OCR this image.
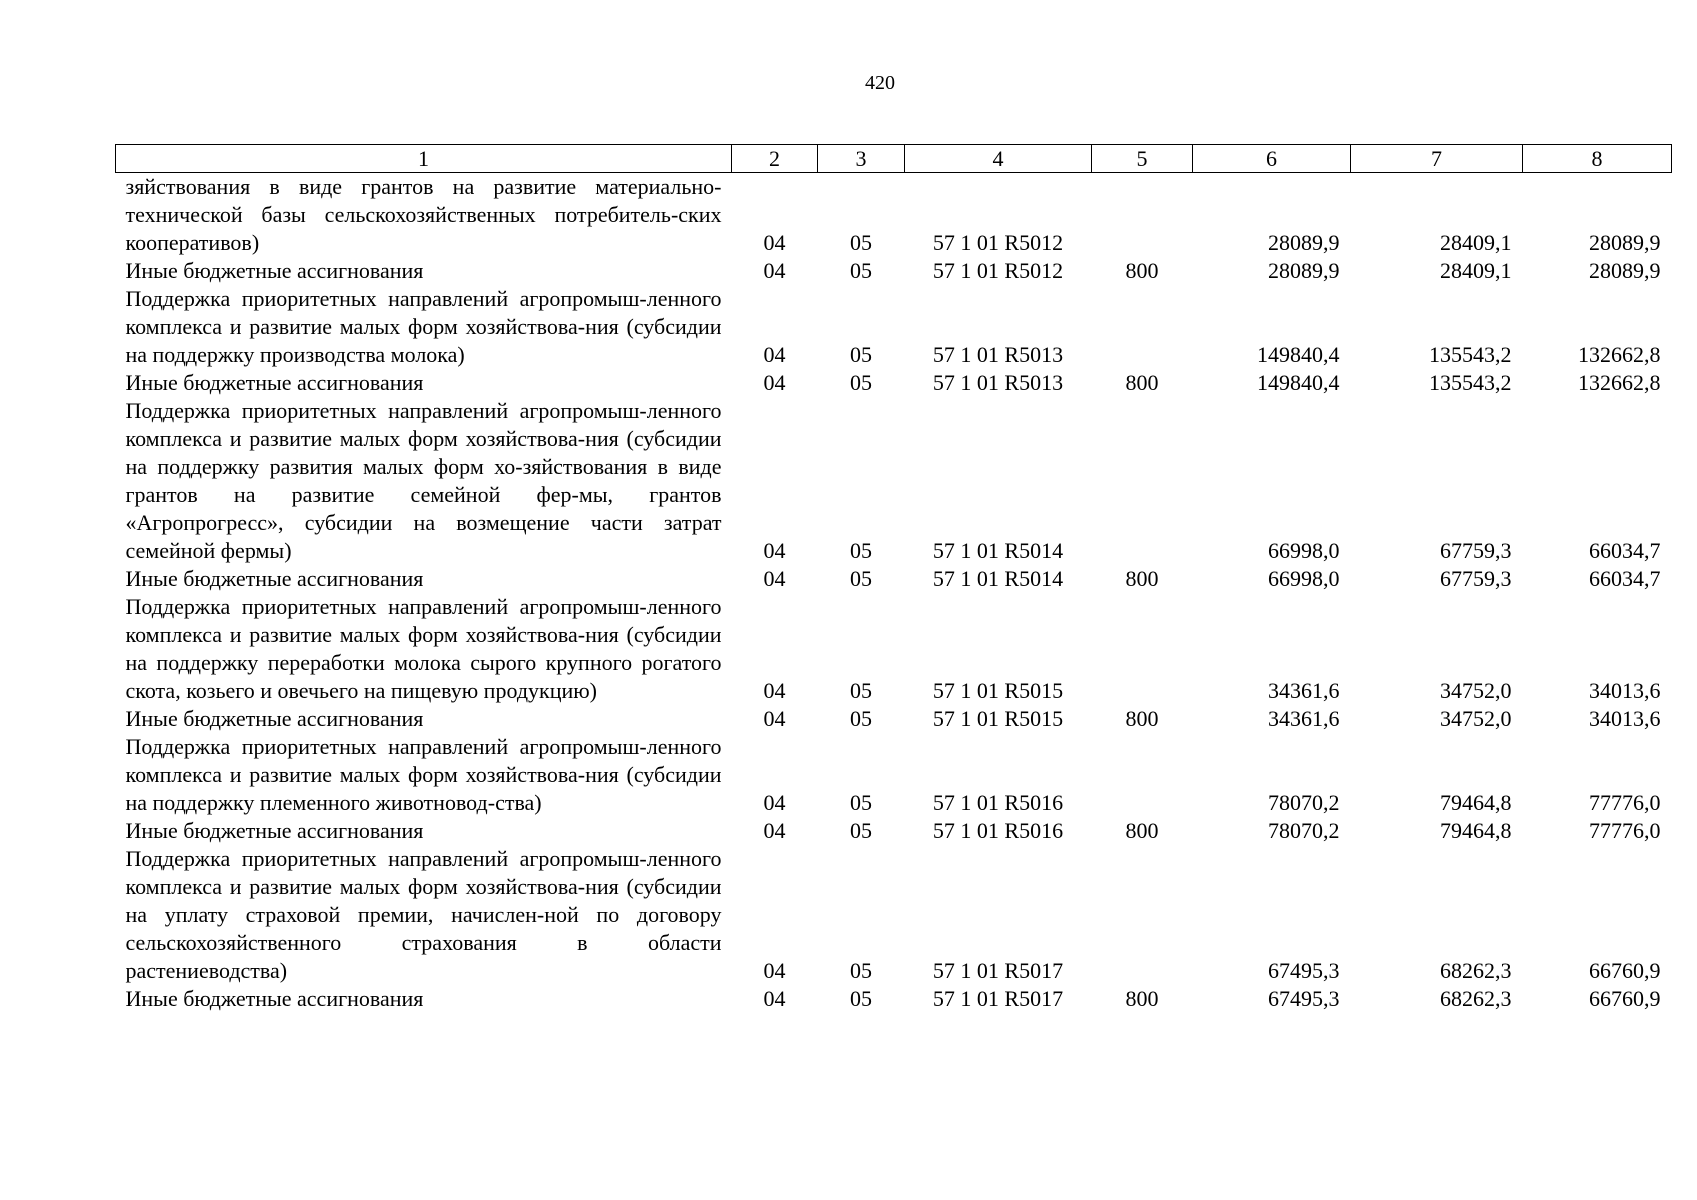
420
1	2	3	4	5	6	7	8
зяйствования в виде грантов на развитие материально-технической базы сельскохозяйственных потребитель-ских кооперативов)	04	05	57 1 01 R5012		28089,9	28409,1	28089,9
Иные бюджетные ассигнования	04	05	57 1 01 R5012	800	28089,9	28409,1	28089,9
Поддержка приоритетных направлений агропромыш-ленного комплекса и развитие малых форм хозяйствова-ния (субсидии на поддержку производства молока)	04	05	57 1 01 R5013		149840,4	135543,2	132662,8
Иные бюджетные ассигнования	04	05	57 1 01 R5013	800	149840,4	135543,2	132662,8
Поддержка приоритетных направлений агропромыш-ленного комплекса и развитие малых форм хозяйствова-ния (субсидии на поддержку развития малых форм хо-зяйствования в виде грантов на развитие семейной фер-мы, грантов «Агропрогресс», субсидии на возмещение части затрат семейной фермы)	04	05	57 1 01 R5014		66998,0	67759,3	66034,7
Иные бюджетные ассигнования	04	05	57 1 01 R5014	800	66998,0	67759,3	66034,7
Поддержка приоритетных направлений агропромыш-ленного комплекса и развитие малых форм хозяйствова-ния (субсидии на поддержку переработки молока сырого крупного рогатого скота, козьего и овечьего на пищевую продукцию)	04	05	57 1 01 R5015		34361,6	34752,0	34013,6
Иные бюджетные ассигнования	04	05	57 1 01 R5015	800	34361,6	34752,0	34013,6
Поддержка приоритетных направлений агропромыш-ленного комплекса и развитие малых форм хозяйствова-ния (субсидии на поддержку племенного животновод-ства)	04	05	57 1 01 R5016		78070,2	79464,8	77776,0
Иные бюджетные ассигнования	04	05	57 1 01 R5016	800	78070,2	79464,8	77776,0
Поддержка приоритетных направлений агропромыш-ленного комплекса и развитие малых форм хозяйствова-ния (субсидии на уплату страховой премии, начислен-ной по договору сельскохозяйственного страхования в области растениеводства)	04	05	57 1 01 R5017		67495,3	68262,3	66760,9
Иные бюджетные ассигнования	04	05	57 1 01 R5017	800	67495,3	68262,3	66760,9
